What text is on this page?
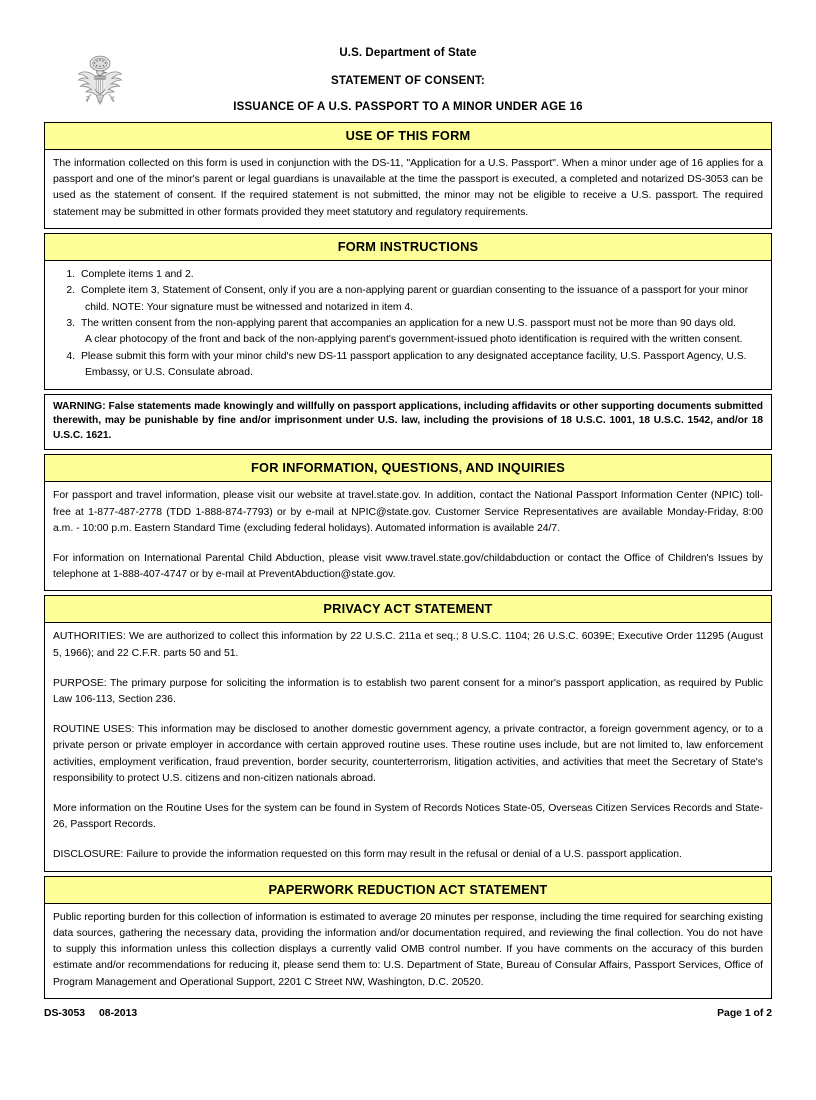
U.S. Department of State
STATEMENT OF CONSENT:
ISSUANCE OF A U.S. PASSPORT TO A MINOR UNDER AGE 16
USE OF THIS FORM

The information collected on this form is used in conjunction with the DS-11, "Application for a U.S. Passport". When a minor under age of 16 applies for a passport and one of the minor's parent or legal guardians is unavailable at the time the passport is executed, a completed and notarized DS-3053 can be used as the statement of consent. If the required statement is not submitted, the minor may not be eligible to receive a U.S. passport. The required statement may be submitted in other formats provided they meet statutory and regulatory requirements.

FORM INSTRUCTIONS
1. Complete items 1 and 2.
2. Complete item 3, Statement of Consent, only if you are a non-applying parent or guardian consenting to the issuance of a passport for your minor
child. NOTE: Your signature must be witnessed and notarized in item 4.
3. The written consent from the non-applying parent that accompanies an application for a new U.S. passport must not be more than 90 days old.
A clear photocopy of the front and back of the non-applying parent's government-issued photo identification is required with the written consent.
4. Please submit this form with your minor child's new DS-11 passport application to any designated acceptance facility, U.S. Passport Agency, U.S.
Embassy, or U.S. Consulate abroad.

WARNING: False statements made knowingly and willfully on passport applications, including affidavits or other supporting documents submitted therewith, may be punishable by fine and/or imprisonment under U.S. law, including the provisions of 18 U.S.C. 1001, 18 U.S.C. 1542, and/or 18 U.S.C. 1621.

FOR INFORMATION, QUESTIONS, AND INQUIRIES

For passport and travel information, please visit our website at travel.state.gov. In addition, contact the National Passport Information Center (NPIC) toll-free at 1-877-487-2778 (TDD 1-888-874-7793) or by e-mail at NPIC@state.gov. Customer Service Representatives are available Monday-Friday, 8:00 a.m. - 10:00 p.m. Eastern Standard Time (excluding federal holidays). Automated information is available 24/7.

For information on International Parental Child Abduction, please visit www.travel.state.gov/childabduction or contact the Office of Children's Issues by telephone at 1-888-407-4747 or by e-mail at PreventAbduction@state.gov.

PRIVACY ACT STATEMENT

AUTHORITIES: We are authorized to collect this information by 22 U.S.C. 211a et seq.; 8 U.S.C. 1104; 26 U.S.C. 6039E; Executive Order 11295 (August 5, 1966); and 22 C.F.R. parts 50 and 51.

PURPOSE: The primary purpose for soliciting the information is to establish two parent consent for a minor's passport application, as required by Public Law 106-113, Section 236.

ROUTINE USES: This information may be disclosed to another domestic government agency, a private contractor, a foreign government agency, or to a private person or private employer in accordance with certain approved routine uses. These routine uses include, but are not limited to, law enforcement activities, employment verification, fraud prevention, border security, counterterrorism, litigation activities, and activities that meet the Secretary of State's responsibility to protect U.S. citizens and non-citizen nationals abroad.

More information on the Routine Uses for the system can be found in System of Records Notices State-05, Overseas Citizen Services Records and State-26, Passport Records.

DISCLOSURE: Failure to provide the information requested on this form may result in the refusal or denial of a U.S. passport application.

PAPERWORK REDUCTION ACT STATEMENT

Public reporting burden for this collection of information is estimated to average 20 minutes per response, including the time required for searching existing data sources, gathering the necessary data, providing the information and/or documentation required, and reviewing the final collection. You do not have to supply this information unless this collection displays a currently valid OMB control number. If you have comments on the accuracy of this burden estimate and/or recommendations for reducing it, please send them to: U.S. Department of State, Bureau of Consular Affairs, Passport Services, Office of Program Management and Operational Support, 2201 C Street NW, Washington, D.C. 20520.

DS-3053 08-2013	Page 1 of 2
